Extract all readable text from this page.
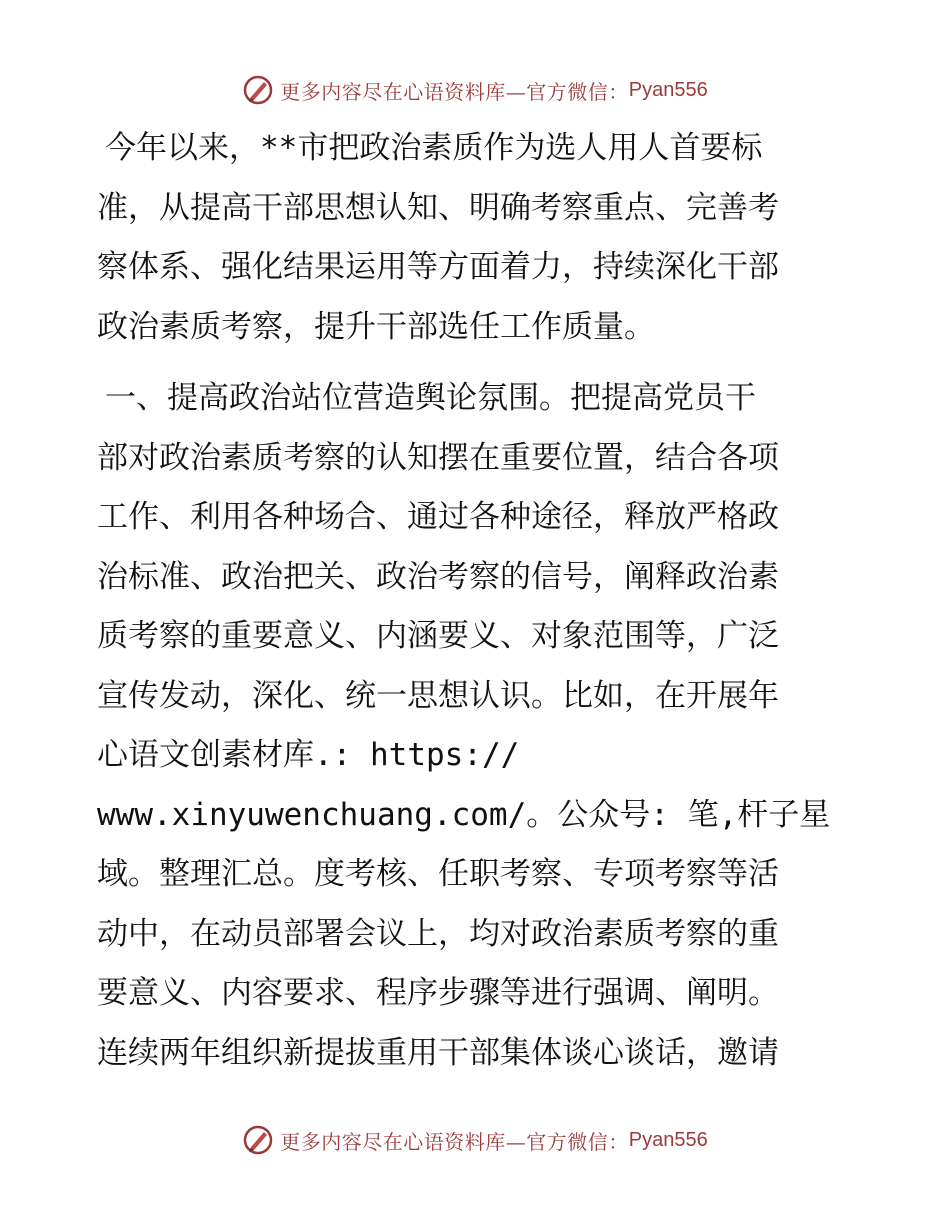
更多内容尽在心语资料库—官方微信： Pyan556

今年以来，**市把政治素质作为选人用人首要标
准，从提高干部思想认知、明确考察重点、完善考
察体系、强化结果运用等方面着力，持续深化干部
政治素质考察，提升干部选任工作质量。

一、提高政治站位营造舆论氛围。把提高党员干
部对政治素质考察的认知摆在重要位置，结合各项
工作、利用各种场合、通过各种途径，释放严格政
治标准、政治把关、政治考察的信号，阐释政治素
质考察的重要意义、内涵要义、对象范围等，广泛
宣传发动，深化、统一思想认识。比如，在开展年
心语文创素材库.: https://
www.xinyuwenchuang.com/。公众号: 笔,杆子星
域。整理汇总。度考核、任职考察、专项考察等活
动中，在动员部署会议上，均对政治素质考察的重
要意义、内容要求、程序步骤等进行强调、阐明。
连续两年组织新提拔重用干部集体谈心谈话，邀请

更多内容尽在心语资料库—官方微信： Pyan556
